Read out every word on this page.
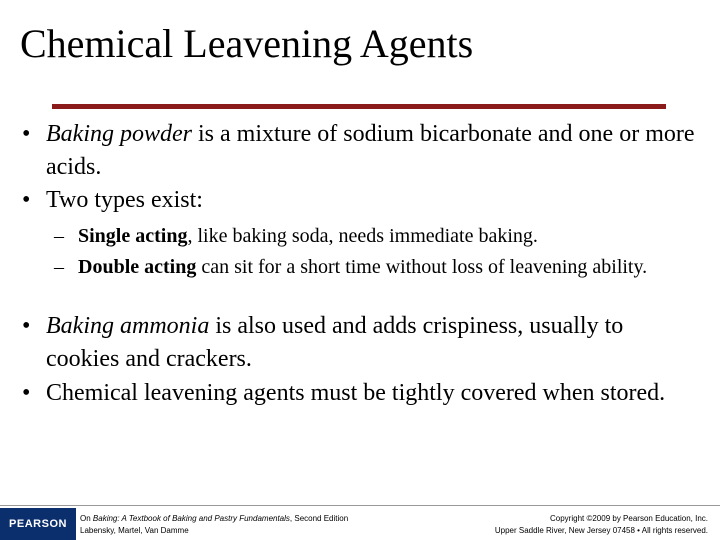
Chemical Leavening Agents
• Baking powder is a mixture of sodium bicarbonate and one or more acids.
• Two types exist:
– Single acting, like baking soda, needs immediate baking.
– Double acting can sit for a short time without loss of leavening ability.
• Baking ammonia is also used and adds crispiness, usually to cookies and crackers.
• Chemical leavening agents must be tightly covered when stored.
PEARSON	On Baking: A Textbook of Baking and Pastry Fundamentals, Second Edition
Labensky, Martel, Van Damme
Copyright ©2009 by Pearson Education, Inc.
Upper Saddle River, New Jersey 07458 • All rights reserved.
